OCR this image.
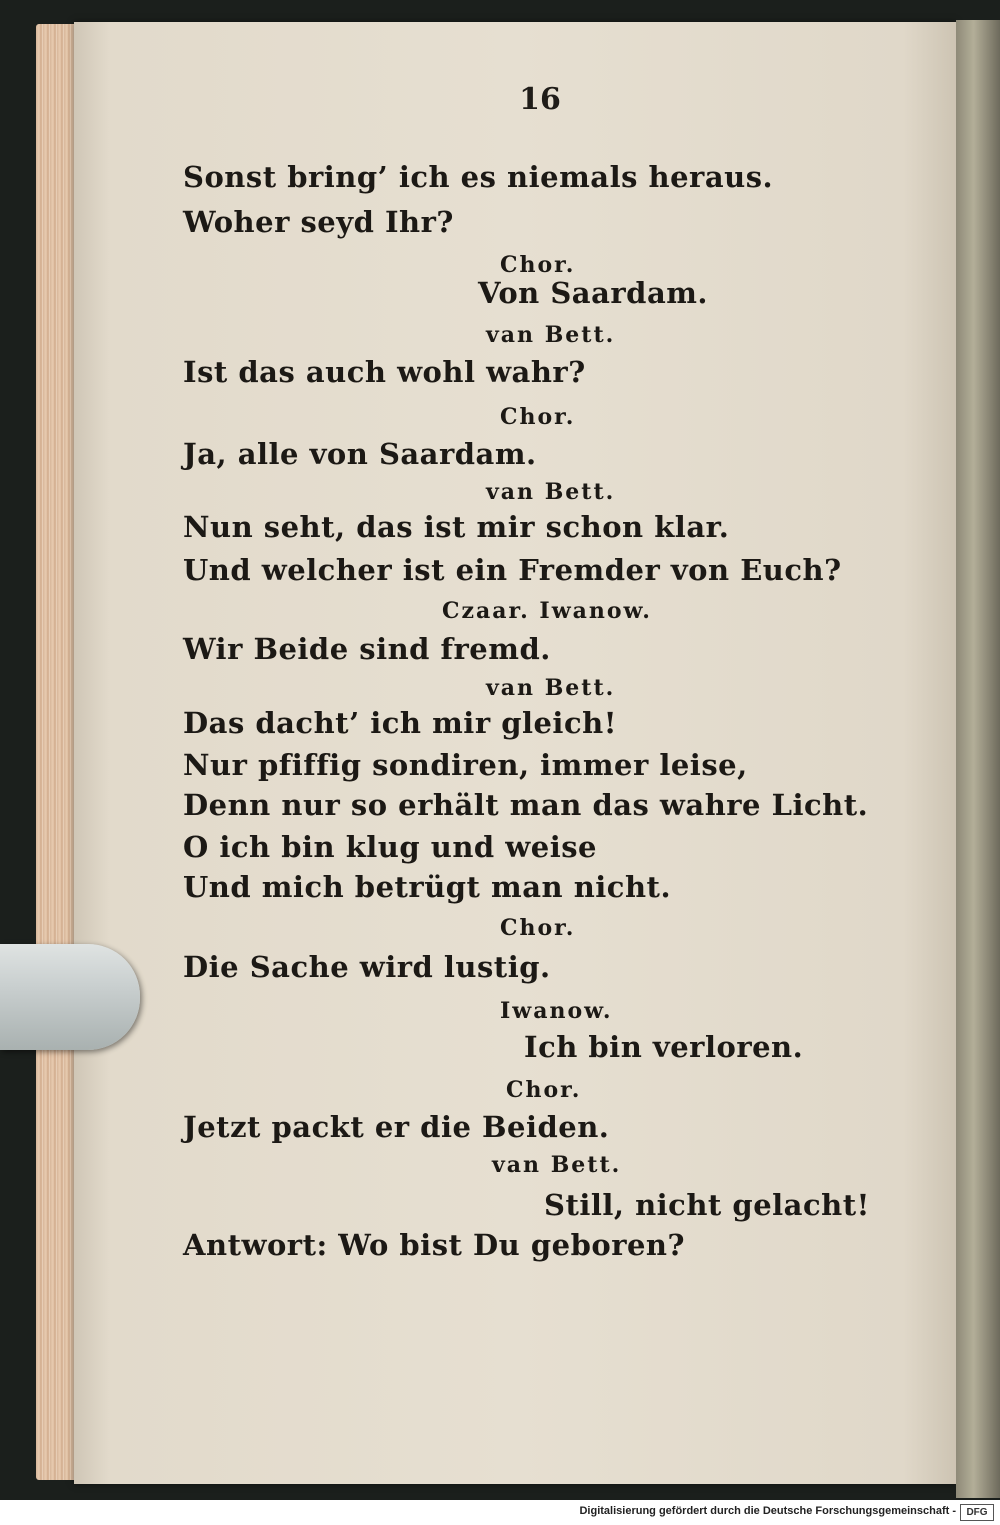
16
Sonst bring’ ich es niemals heraus.
Woher seyd Ihr?
Chor.
Von Saardam.
van Bett.
Ist das auch wohl wahr?
Chor.
Ja, alle von Saardam.
van Bett.
Nun seht, das ist mir schon klar.
Und welcher ist ein Fremder von Euch?
Czaar. Iwanow.
Wir Beide sind fremd.
van Bett.
Das dacht’ ich mir gleich!
Nur pfiffig sondiren, immer leise,
Denn nur so erhält man das wahre Licht.
O ich bin klug und weise
Und mich betrügt man nicht.
Chor.
Die Sache wird lustig.
Iwanow.
Ich bin verloren.
Chor.
Jetzt packt er die Beiden.
van Bett.
Still, nicht gelacht!
Antwort: Wo bist Du geboren?
Digitalisierung gefördert durch die Deutsche Forschungsgemeinschaft -	DFG
